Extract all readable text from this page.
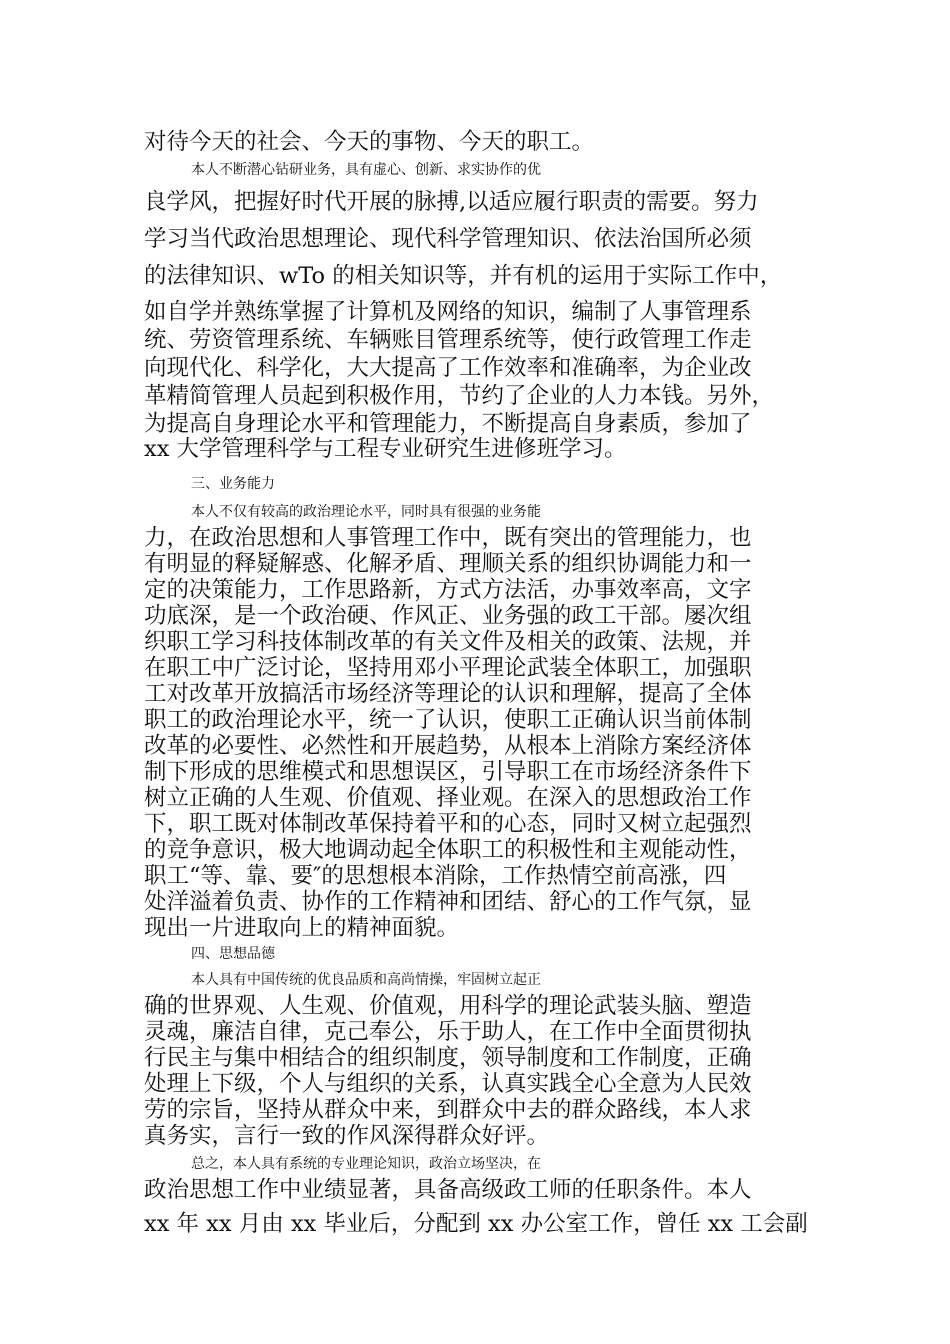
对待今天的社会、今天的事物、今天的职工。

本人不断潜心钻研业务，具有虚心、创新、求实协作的优

良学风，把握好时代开展的脉搏,以适应履行职责的需要。努力

学习当代政治思想理论、现代科学管理知识、依法治国所必须

的法律知识、wTo 的相关知识等，并有机的运用于实际工作中，

如自学并熟练掌握了计算机及网络的知识，编制了人事管理系

统、劳资管理系统、车辆账目管理系统等，使行政管理工作走

向现代化、科学化，大大提高了工作效率和准确率，为企业改

革精简管理人员起到积极作用，节约了企业的人力本钱。另外，

为提高自身理论水平和管理能力，不断提高自身素质，参加了

xx 大学管理科学与工程专业研究生进修班学习。

三、业务能力

本人不仅有较高的政治理论水平，同时具有很强的业务能

力，在政治思想和人事管理工作中，既有突出的管理能力，也

有明显的释疑解惑、化解矛盾、理顺关系的组织协调能力和一

定的决策能力，工作思路新，方式方法活，办事效率高，文字

功底深，是一个政治硬、作风正、业务强的政工干部。屡次组

织职工学习科技体制改革的有关文件及相关的政策、法规，并

在职工中广泛讨论，坚持用邓小平理论武装全体职工，加强职

工对改革开放搞活市场经济等理论的认识和理解，提高了全体

职工的政治理论水平，统一了认识，使职工正确认识当前体制

改革的必要性、必然性和开展趋势，从根本上消除方案经济体

制下形成的思维模式和思想误区，引导职工在市场经济条件下

树立正确的人生观、价值观、择业观。在深入的思想政治工作

下，职工既对体制改革保持着平和的心态，同时又树立起强烈

的竞争意识，极大地调动起全体职工的积极性和主观能动性，

职工“等、靠、要″的思想根本消除，工作热情空前高涨，四

处洋溢着负责、协作的工作精神和团结、舒心的工作气氛，显

现出一片进取向上的精神面貌。

四、思想品德

本人具有中国传统的优良品质和高尚情操，牢固树立起正

确的世界观、人生观、价值观，用科学的理论武装头脑、塑造

灵魂，廉洁自律，克己奉公，乐于助人，在工作中全面贯彻执

行民主与集中相结合的组织制度，领导制度和工作制度，正确

处理上下级，个人与组织的关系，认真实践全心全意为人民效

劳的宗旨，坚持从群众中来，到群众中去的群众路线，本人求

真务实，言行一致的作风深得群众好评。

总之，本人具有系统的专业理论知识，政治立场坚决，在

政治思想工作中业绩显著，具备高级政工师的任职条件。本人

xx 年 xx 月由 xx 毕业后，分配到 xx 办公室工作，曾任 xx 工会副
